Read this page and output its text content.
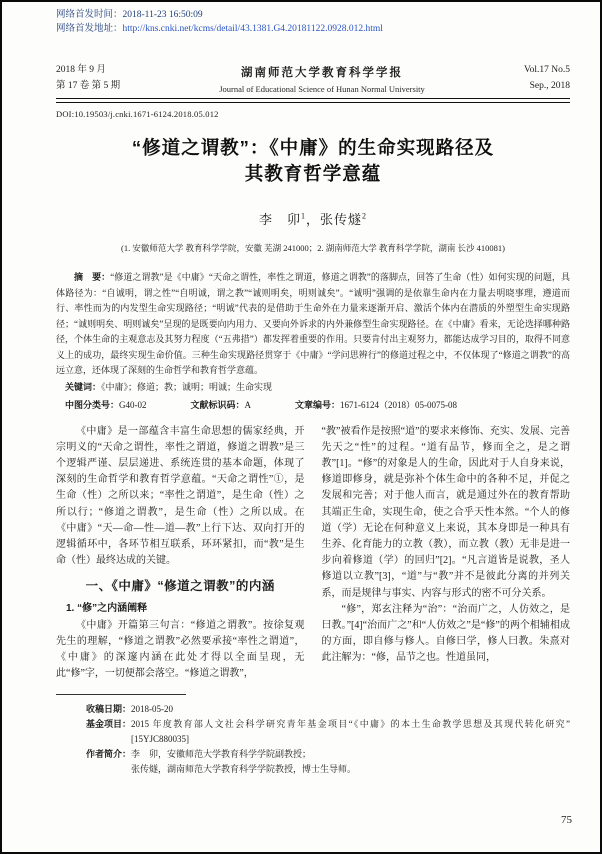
网络首发时间：2018-11-23 16:50:09
网络首发地址：http://kns.cnki.net/kcms/detail/43.1381.G4.20181122.0928.012.html
2018 年 9 月
第 17 卷 第 5 期
湖南师范大学教育科学学报
Journal of Educational Science of Hunan Normal University
Vol.17 No.5
Sep., 2018
DOI:10.19503/j.cnki.1671-6124.2018.05.012
“修道之谓教”：《中庸》的生命实现路径及
其教育哲学意蕴
李　卯$^1$，张传燧$^2$
(1. 安徽师范大学 教育科学学院，安徽 芜湖 241000；2. 湖南师范大学 教育科学学院，湖南 长沙 410081)

摘　要：“修道之谓教”是《中庸》“天命之谓性，率性之谓道，修道之谓教”的落脚点，回答了生命（性）如何实现的问题，具体路径为：“自诚明，谓之性”“自明诚，谓之教”“诚则明矣，明则诚矣”。“诚明”强调的是依靠生命内在力量去明晓事理，遵道而行、率性而为的内发型生命实现路径；“明诚”代表的是借助于生命外在力量来逐渐开启、激活个体内在潜质的外塑型生命实现路径；“诚则明矣、明则诚矣”呈现的是既要向内用力、又要向外诉求的内外兼修型生命实现路径。在《中庸》看来，无论选择哪种路径，个体生命的主观意志及其努力程度（“五弗措”）都发挥着重要的作用。只要肯付出主观努力，都能达成学习目的，取得不同意义上的成功，最终实现生命价值。三种生命实现路径贯穿于《中庸》“学问思辨行”的修道过程之中，不仅体现了“修道之谓教”的高远立意，还体现了深刻的生命哲学和教育哲学意蕴。

关键词：《中庸》；修道；教；诚明；明诚；生命实现

中图分类号：G40-02	文献标识码：A	文章编号：1671-6124（2018）05-0075-08

《中庸》是一部蕴含丰富生命思想的儒家经典，开宗明义的“天命之谓性，率性之谓道，修道之谓教”是三个逻辑严谨、层层递进、系统连贯的基本命题，体现了深刻的生命哲学和教育哲学意蕴。“天命之谓性”①，是生命（性）之所以来；“率性之谓道”，是生命（性）之所以行；“修道之谓教”，是生命（性）之所以成。在《中庸》“天—命—性—道—教”上行下达、双向打开的逻辑循环中，各环节相互联系，环环紧扣，而“教”是生命（性）最终达成的关键。

一、《中庸》“修道之谓教”的内涵
1. “修”之内涵阐释

《中庸》开篇第三句言：“修道之谓教”。按徐复观先生的理解，“修道之谓教”必然要承接“率性之谓道”，《中庸》的深邃内涵在此处才得以全面呈现，无此“修”字，一切便都会落空。“修道之谓教”，

“教”被看作是按照“道”的要求来修饰、充实、发展、完善先天之“性”的过程。“道有品节，修而全之，是之谓教”[1]。“修”的对象是人的生命，因此对于人自身来说，修道即修身，就是弥补个体生命中的各种不足，并促之发展和完善；对于他人而言，就是通过外在的教育帮助其端正生命，实现生命，使之合乎天性本然。“个人的修道（学）无论在何种意义上来说，其本身即是一种具有生养、化育能力的立教（教），而立教（教）无非是进一步向着修道（学）的回归”[2]。“凡言道皆是说教，圣人修道以立教”[3]，“道”与“教”并不是彼此分离的并列关系，而是规律与事实、内容与形式的密不可分关系。

“修”，郑玄注释为“治”：“治而广之，人仿效之，是曰教。”[4]“治而广之”和“人仿效之”是“修”的两个相辅相成的方面，即自修与修人。自修曰学，修人曰教。朱熹对此注解为：“修，品节之也。性道虽同，

收稿日期： 2018-05-20
基金项目： 2015 年度教育部人文社会科学研究青年基金项目“《中庸》的本土生命教学思想及其现代转化研究” [15YJC880035]
作者简介： 李　卯，安徽师范大学教育科学学院副教授；
张传燧，湖南师范大学教育科学学院教授，博士生导师。
75
